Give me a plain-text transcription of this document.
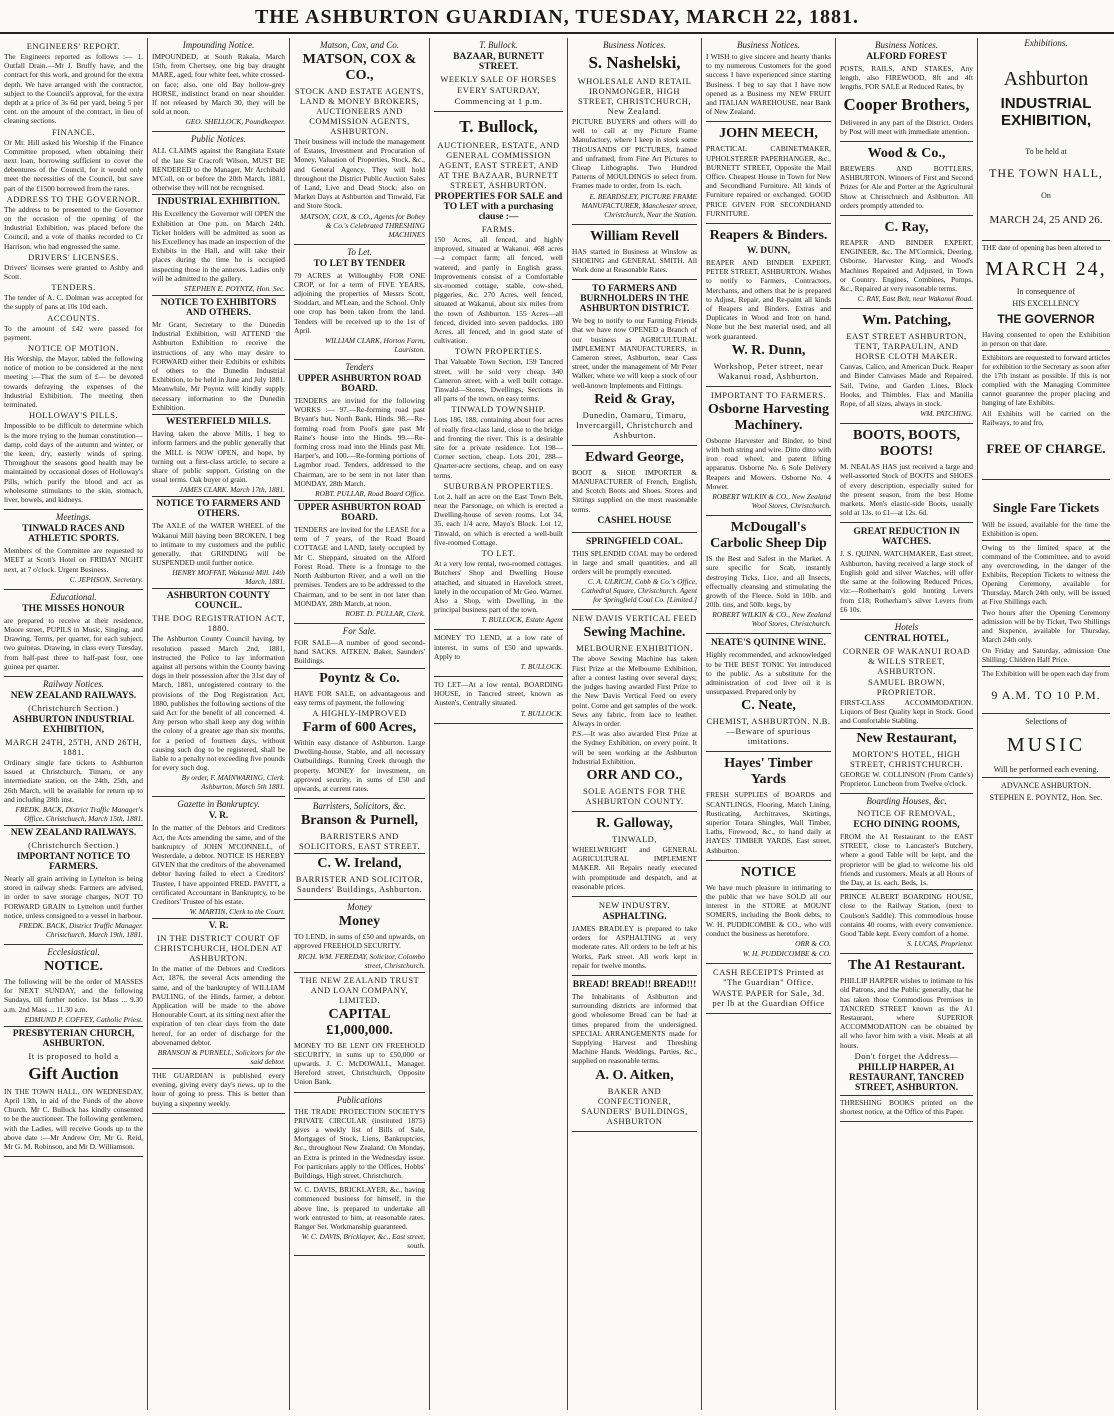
THE ASHBURTON GUARDIAN, TUESDAY, MARCH 22, 1881.
ENGINEERS' REPORT.
The Engineers reported as follows :— 1. Outfall Drain.—Mr J. Bruffy have, and the contract for this work, and ground for the extra depth. We have arranged with the contractor, subject to the Council's approval, for the extra depth at a price of 3s 6d per yard, being 5 per cent. on the amount of the contract, in lieu of cleaning sections.
FINANCE.
Or Mr. Hill asked his Worship if the Finance Committee proposed, when obtaining their next loan, borrowing sufficient to cover the debentures of the Council, for it would only meet the necessities of the Council, but save part of the £1500 borrowed from the rates.
ADDRESS TO THE GOVERNOR.
The address to be presented to the Governor on the occasion of the opening of the Industrial Exhibition, was placed before the Council, and a vote of thanks recorded to Cr Harrison, who had engrossed the same.
DRIVERS' LICENSES.
Drivers' licenses were granted to Ashby and Scott.
TENDERS.
The tender of A. C. Dolman was accepted for the supply of pans at 10s 10d each.
ACCOUNTS.
To the amount of £42 were passed for payment.
NOTICE OF MOTION.
His Worship, the Mayor, tabled the following notice of motion to be considered at the next meeting :—That the sum of £— be devoted towards defraying the expenses of the Industrial Exhibition. The meeting then terminated.
HOLLOWAY'S PILLS.
Impossible to be difficult to determine which is the more trying to the human constitution—damp, cold days of the autumn and winter, or the keen, dry, easterly winds of spring. Throughout the seasons good health may be maintained by occasional doses of Holloway's Pills, which purify the blood and act as wholesome stimulants to the skin, stomach, liver, bowels, and kidneys.
Meetings.
TINWALD RACES AND ATHLETIC SPORTS.
Members of the Committee are requested to MEET at Scott's Hotel on FRIDAY NIGHT next, at 7 o'clock. Urgent Business.
C. JEPHSON, Secretary.
Educational.
THE MISSES HONOUR
are prepared to receive at their residence, Moore street, PUPILS in Music, Singing, and Drawing. Terms, per quarter, for each subject, two guineas. Drawing, in class every Tuesday, from half-past three to half-past four, one guinea per quarter.
Railway Notices.
NEW ZEALAND RAILWAYS.
(Christchurch Section.)
ASHBURTON INDUSTRIAL EXHIBITION,
MARCH 24TH, 25TH, AND 26TH, 1881.
Ordinary single fare tickets to Ashburton issued at Christchurch, Timaru, or any intermediate station, on the 24th, 25th, and 26th March, will be available for return up to and including 28th inst.
FREDK. BACK, District Traffic Manager's Office, Christchurch, March 15th, 1881.
NEW ZEALAND RAILWAYS.
(Christchurch Section.)
IMPORTANT NOTICE TO FARMERS.
Nearly all grain arriving in Lyttelton is being stored in railway sheds. Farmers are advised, in order to save storage charges, NOT TO FORWARD GRAIN to Lyttelton until further notice, unless consigned to a vessel in harbour.
FREDK. BACK, District Traffic Manager. Christchurch, March 19th, 1881.
Ecclesiastical.
NOTICE.
The following will be the order of MASSES for NEXT SUNDAY, and the following Sundays, till further notice. 1st Mass ... 9.30 a.m. 2nd Mass ... 11.30 a.m.
EDMUND P. COFFEY, Catholic Priest.
PRESBYTERIAN CHURCH, ASHBURTON.
It is proposed to hold a
Gift Auction
IN THE TOWN HALL, ON WEDNESDAY, April 13th, in aid of the Funds of the above Church. Mr C. Bullock has kindly consented to be the auctioneer. The following gentlemen, with the Ladies, will receive Goods up to the above date :—Mr Andrew Orr, Mr G. Reid, Mr G. M. Robinson, and Mr D. Williamson.
Impounding Notice.
IMPOUNDED, at South Rakaia, March 15th, from Chertsey, one big bay draught MARE, aged, four white feet, white crossed-on face; also, one old Bay hollow-grey HORSE, indistinct brand on near shoulder. If not released by March 30, they will be sold at noon.
GEO. SHELLOCK, Poundkeeper.
Public Notices.
ALL CLAIMS against the Rangitata Estate of the late Sir Cracroft Wilson, MUST BE RENDERED to the Manager, Mr Archibald M'Coll, on or before the 20th March, 1881, otherwise they will not be recognised.
INDUSTRIAL EXHIBITION.
His Excellency the Governor will OPEN the Exhibition at One p.m. on March 24th. Ticket holders will be admitted as soon as his Excellency has made an inspection of the Exhibits in the Hall, and will take their places during the time he is occupied inspecting those in the annexes. Ladies only will be admitted to the gallery.
STEPHEN E. POYNTZ, Hon. Sec.
NOTICE TO EXHIBITORS AND OTHERS.
Mr Grant, Secretary to the Dunedin Industrial Exhibition, will ATTEND the Ashburton Exhibition to receive the instructions of any who may desire to FORWARD either their Exhibits or exhibits of others to the Dunedin Industrial Exhibition, to be held in June and July 1881. Meanwhile, Mr Poyntz will kindly supply necessary information to the Dunedin Exhibition.
WESTERFIELD MILLS.
Having taken the above Mills, I beg to inform farmers and the public generally that the MILL is NOW OPEN, and hope, by turning out a first-class article, to secure a share of public support. Gristing on the usual terms. Oak buyer of grain.
JAMES CLARK. March 17th, 1881.
NOTICE TO FARMERS AND OTHERS.
The AXLE of the WATER WHEEL of the Wakanui Mill having been BROKEN, I beg to intimate to my customers and the public generally, that GRINDING will be SUSPENDED until further notice.
HENRY MOFFAT, Wakanui Mill. 14th March, 1881.
ASHBURTON COUNTY COUNCIL.
THE DOG REGISTRATION ACT, 1880.
The Ashburton County Council having, by resolution passed March 2nd, 1881, instructed the Police to lay information against all persons within the County having dogs in their possession after the 31st day of March, 1881, unregistered contrary to the provisions of the Dog Registration Act, 1880, publishes the following sections of the said Act for the benefit of all concerned. 4. Any person who shall keep any dog within the colony of a greater age than six months, for a period of fourteen days, without causing such dog to be registered, shall be liable to a penalty not exceeding five pounds for every such dog.
By order, F. MAINWARING, Clerk. Ashburton, March 5th 1881.
Gazette in Bankruptcy.
V. R.
In the matter of the Debtors and Creditors Act, the Acts amending the same, and of the bankruptcy of JOHN M'CONNELL, of Westerdale, a debtor. NOTICE IS HEREBY GIVEN that the creditors of the abovenamed debtor having failed to elect a Creditors' Trustee, I have appointed FRED. PAVITT, a certificated Accountant in Bankruptcy, to be Creditors' Trustee of his estate.
W. MARTIN, Clerk to the Court.
V. R.
IN THE DISTRICT COURT OF CHRISTCHURCH, HOLDEN AT ASHBURTON.
In the matter of the Debtors and Creditors Act, 1876, the several Acts amending the same, and of the bankruptcy of WILLIAM PAULING, of the Hinds, farmer, a debtor. Application will be made to the above Honourable Court, at its sitting next after the expiration of ten clear days from the date hereof, for an order of discharge for the abovenamed debtor.
BRANSON & PURNELL, Solicitors for the said debtor.
THE GUARDIAN is published every evening, giving every day's news, up to the hour of going to press. This is better than buying a sixpenny weekly.
Matson, Cox, and Co.
MATSON, COX & CO.,
STOCK AND ESTATE AGENTS, LAND & MONEY BROKERS, AUCTIONEERS AND COMMISSION AGENTS, ASHBURTON.
Their business will include the management of Estates, Investment and Procuration of Money, Valuation of Properties, Stock, &c., and General Agency. They will hold throughout the District Public Auction Sales of Land, Live and Dead Stock; also on Market Days at Ashburton and Tinwald, Fat and Store Stock.
MATSON, COX, & CO., Agents for Bobey & Co.'s Celebrated THRESHING MACHINES
To Let.
TO LET BY TENDER
79 ACRES at Willoughby FOR ONE CROP, or for a term of FIVE YEARS, adjoining the properties of Messrs Scott, Stoddart, and M'Lean, and the School. Only one crop has been taken from the land. Tenders will be received up to the 1st of April.
WILLIAM CLARK, Horton Farm, Lauriston.
Tenders
UPPER ASHBURTON ROAD BOARD.
TENDERS are invited for the following WORKS :— 97.—Re-forming road past Bryant's hut, North Bank, Hinds. 98.—Re-forming road from Pool's gate past Mr Raine's house into the Hinds. 99.—Re-forming cross road into the Hinds past Mr. Harper's, and 100.—Re-forming portions of Lagmhor road. Tenders, addressed to the Chairman, are to be sent in not later than MONDAY, 28th March.
ROBT. PULLAR, Road Board Office.
UPPER ASHBURTON ROAD BOARD.
TENDERS are invited for the LEASE for a term of 7 years, of the Road Board COTTAGE and LAND, lately occupied by Mr C. Sheppard, situated on the Alford Forest Road. There is a frontage to the North Ashburton River, and a well on the premises. Tenders are to be addressed to the Chairman, and to be sent in not later than MONDAY, 28th March, at noon.
ROBT. D. PULLAR, Clerk.
For Sale.
FOR SALE—A number of good second-hand SACKS. AITKEN, Baker, Saunders' Buildings.
Poyntz & Co.
HAVE FOR SALE, on advantageous and easy terms of payment, the following
A HIGHLY-IMPROVED
Farm of 600 Acres,
Within easy distance of Ashburton. Large Dwelling-house, Stable, and all necessary Outbuildings. Running Creek through the property. MONEY for investment, on approved security, in sums of £50 and upwards, at current rates.
Barristers, Solicitors, &c.
Branson & Purnell,
BARRISTERS AND SOLICITORS, EAST STREET.
C. W. Ireland,
BARRISTER AND SOLICITOR, Saunders' Buildings, Ashburton.
Money
Money
TO LEND, in sums of £50 and upwards, on approved FREEHOLD SECURITY.
RICH. WM. FEREDAY, Solicitor, Colombo street, Christchurch.
THE NEW ZEALAND TRUST AND LOAN COMPANY, LIMITED.
CAPITAL £1,000,000.
MONEY TO BE LENT ON FREEHOLD SECURITY, in sums up to £50,000 or upwards. J. C. McDOWALL, Manager. Hereford street, Christchurch, Opposite Union Bank.
Publications
THE TRADE PROTECTION SOCIETY'S PRIVATE CIRCULAR (instituted 1875) gives a weekly list of Bills of Sale, Mortgages of Stock, Liens, Bankruptcies, &c., throughout New Zealand. On Monday, an Extra is printed in the Wednesday issue. For particulars apply to the Offices, Hobbs' Buildings, High street, Christchurch.
W. C. DAVIS, BRICKLAYER, &c., having commenced business for himself, in the above line, is prepared to undertake all work entrusted to him, at reasonable rates. Ranger Set. Workmanship guaranteed.
W. C. DAVIS, Bricklayer, &c., East street, south.
T. Bullock.
BAZAAR, BURNETT STREET.
WEEKLY SALE OF HORSES
EVERY SATURDAY,
Commencing at 1 p.m.
T. Bullock,
AUCTIONEER, ESTATE, AND GENERAL COMMISSION AGENT, EAST STREET, AND AT THE BAZAAR, BURNETT STREET, ASHBURTON.
PROPERTIES FOR SALE and TO LET with a purchasing clause :—
FARMS.
150 Acres, all fenced, and highly improved, situated at Wakanui. 468 acres—a compact farm; all fenced, well watered, and partly in English grass. Improvements consist of a Comfortable six-roomed cottage, stable, cow-shed, piggeries, &c. 270 Acres, well fenced, situated at Wakanui, about six miles from the town of Ashburton. 155 Acres—all fenced, divided into seven paddocks. 180 Acres, all fenced, and in good state of cultivation.
TOWN PROPERTIES.
That Valuable Town Section, 159 Tancred street, will be sold very cheap. 340 Cameron street, with a well built cottage. Tinwald—Stores, Dwellings, Sections in all parts of the town, on easy terms.
TINWALD TOWNSHIP.
Lots 186, 188, containing about four acres of really first-class land, close to the bridge and fronting the river. This is a desirable site for a private residence. Lot 198—Corner section, cheap. Lots 201, 288—Quarter-acre sections, cheap, and on easy terms.
SUBURBAN PROPERTIES.
Lot 2, half an acre on the East Town Belt, near the Parsonage, on which is erected a Dwelling-house of seven rooms. Lot 34, 35, each 1/4 acre, Mayo's Block. Lot 12, Tinwald, on which is erected a well-built five-roomed Cottage.
TO LET.
At a very low rental, two-roomed cottages. Butchers' Shop and Dwelling House attached, and situated in Havelock street, lately in the occupation of Mr Geo. Warner. Also a Shop, with Dwelling, in the principal business part of the town.
T. BULLOCK, Estate Agent
MONEY TO LEND, at a low rate of interest, in sums of £50 and upwards. Apply to
T. BULLOCK.
TO LET—At a low rental, BOARDING HOUSE, in Tancred street, known as Austen's, Centrally situated.
T. BULLOCK.
Business Notices.
S. Nashelski,
WHOLESALE AND RETAIL IRONMONGER, HIGH STREET, CHRISTCHURCH, New Zealand.
PICTURE BUYERS and others will do well to call at my Picture Frame Manufactory, where I keep in stock some THOUSANDS OF PICTURES, framed and unframed, from Fine Art Pictures to Cheap Lithographs. Two Hundred Patterns of MOULDINGS to select from. Frames made to order, from 1s. each.
E. BEARDSLEY, PICTURE FRAME MANUFACTURER, Manchester street, Christchurch, Near the Station.
William Revell
HAS started in Business at Winslow as SHOEING and GENERAL SMITH. All Work done at Reasonable Rates.
TO FARMERS AND BURNHOLDERS IN THE ASHBURTON DISTRICT.
We beg to notify to our Farming Friends that we have now OPENED a Branch of our business as AGRICULTURAL IMPLEMENT MANUFACTURERS, in Cameron street, Ashburton, near Cass street, under the management of Mr Peter Walker, where we will keep a stock of our well-known Implements and Fittings.
Reid & Gray,
Dunedin, Oamaru, Timaru, Invercargill, Christchurch and Ashburton.
Edward George,
BOOT & SHOE IMPORTER & MANUFACTURER of French, English, and Scotch Boots and Shoes. Stores and Sittings supplied on the most reasonable terms.
CASHEL HOUSE
SPRINGFIELD COAL.
THIS SPLENDID COAL may be ordered in large and small quantities, and all orders will be promptly executed.
C. A. ULRICH, Cobb & Co.'s Office, Cathedral Square, Christchurch. Agent for Springfield Coal Co. [Limited.]
NEW DAVIS VERTICAL FEED
Sewing Machine.
MELBOURNE EXHIBITION.
The above Sewing Machine has taken First Prize at the Melbourne Exhibition, after a contest lasting over several days; the judges having awarded First Prize to the New Davis Vertical Feed on every point. Come and get samples of the work. Sews any fabric, from lace to leather. Always in order.
P.S.—It was also awarded First Prize at the Sydney Exhibition, on every point. It will be seen working at the Ashburton Industrial Exhibition.
ORR AND CO.,
SOLE AGENTS FOR THE ASHBURTON COUNTY.
R. Galloway,
TINWALD,
WHEELWRIGHT and GENERAL AGRICULTURAL IMPLEMENT MAKER. All Repairs neatly executed with promptitude and despatch, and at reasonable prices.
NEW INDUSTRY.
ASPHALTING.
JAMES BRADLEY is prepared to take orders for ASPHALTING at very moderate rates. All orders to be left at his Works, Park street. All work kept in repair for twelve months.
BREAD! BREAD!! BREAD!!!
The Inhabitants of Ashburton and surrounding districts are informed that good wholesome Bread can be had at times prepared from the undersigned. SPECIAL ARRANGEMENTS made for Supplying Harvest and Threshing Machine Hands. Weddings, Parties, &c., supplied on reasonable terms.
A. O. Aitken,
BAKER AND CONFECTIONER, SAUNDERS' BUILDINGS, ASHBURTON
Business Notices.
I WISH to give sincere and hearty thanks to my numerous Customers for the good success I have experienced since starting Business. I beg to say that I have now opened as a Business my NEW FRUIT and ITALIAN WAREHOUSE, near Bank of New Zealand.
JOHN MEECH,
PRACTICAL CABINETMAKER, UPHOLSTERER PAPERHANGER, &c., BURNETT STREET, Opposite the Mail Office. Cheapest House in Town for New and Secondhand Furniture. All kinds of Furniture repaired or exchanged. GOOD PRICE GIVEN FOR SECONDHAND FURNITURE.
Reapers & Binders.
W. DUNN,
REAPER AND BINDER EXPERT, PETER STREET, ASHBURTON. Wishes to notify to Farmers, Contractors, Merchants, and others that he is prepared to Adjust, Repair, and Re-paint all kinds of Reapers and Binders. Extras and Duplicates in Wood and Iron on hand. None but the best material used, and all work guaranteed.
W. R. Dunn,
Workshop, Peter street, near Wakanui road, Ashburton.
IMPORTANT TO FARMERS.
Osborne Harvesting Machinery.
Osborne Harvester and Binder, to bind with both string and wire. Ditto ditto with iron road wheel, and patent lifting apparatus. Osborne No. 6 Sole Delivery Reapers and Mowers. Osborne No. 4 Mower.
ROBERT WILKIN & CO., New Zealand Wool Stores, Christchurch.
McDougall's Carbolic Sheep Dip
IS the Best and Safest in the Market. A sure specific for Scab, instantly destroying Ticks, Lice, and all Insects, effectually cleansing and stimulating the growth of the Fleece. Sold in 10lb. and 20lb. tins, and 50lb. kegs, by
ROBERT WILKIN & CO., New Zealand Wool Stores, Christchurch.
NEATE'S QUININE WINE.
Highly recommended, and acknowledged to be THE BEST TONIC Yet introduced to the public. As a substitute for the administration of cod liver oil it is unsurpassed. Prepared only by
C. Neate,
CHEMIST, ASHBURTON. N.B.—Beware of spurious imitations.
Hayes' Timber Yards
FRESH SUPPLIES of BOARDS and SCANTLINGS, Flooring, Match Lining, Rusticating, Architraves, Skirtings, superior Totara Shingles, Wall Timber, Laths, Firewood, &c., to hand daily at HAYES' TIMBER YARDS, East street, Ashburton.
NOTICE
We have much pleasure in intimating to the public that we have SOLD all our interest in the STORE at MOUNT SOMERS, including the Book debts, to W. H. PUDDICOMBE & CO., who will conduct the business as heretofore.
ORR & CO.
W. H. PUDDICOMBE & CO.
CASH RECEIPTS Printed at "The Guardian" Office.
WASTE PAPER for Sale, 3d. per lb at the Guardian Office
Business Notices.
ALFORD FOREST
POSTS, RAILS, AND STAKES, Any length, also FIREWOOD, 8ft and 4ft lengths, FOR SALE at Reduced Rates, by
Cooper Brothers,
Delivered in any part of the District. Orders by Post will meet with immediate attention.
Wood & Co.,
BREWERS AND BOTTLERS, ASHBURTON. Winners of First and Second Prizes for Ale and Porter at the Agricultural Show at Christchurch and Ashburton. All orders promptly attended to.
C. Ray,
REAPER AND BINDER EXPERT, ENGINEER, &c. The M'Cormick, Deering, Osborne, Harvester King, and Wood's Machines Repaired and Adjusted, in Town or Country. Engines, Combines, Pumps, &c., Repaired at very reasonable terms.
C. RAY, East Belt, near Wakanui Road.
Wm. Patching,
EAST STREET ASHBURTON, TENT, TARPAULIN, AND HORSE CLOTH MAKER.
Canvas, Calico, and American Duck. Reaper and Binder Canvases Made and Repaired. Sail, Twine, and Garden Lines, Block Hooks, and Thimbles. Flax and Manilla Rope, of all sizes, always in stock.
WM. PATCHING.
BOOTS, BOOTS, BOOTS!
M. NEALAS HAS just received a large and well-assorted Stock of BOOTS and SHOES of every description, especially suited for the present season, from the best Home markets. Men's elastic-side Boots, usually sold at 13s. to £1—at 12s. 6d.
GREAT REDUCTION IN WATCHES.
J. S. QUINN, WATCHMAKER, East street, Ashburton, having received a large stock of English gold and silver Watches, will offer the same at the following Reduced Prices, viz:—Rotherham's gold hunting Levers from £18; Rotherham's silver Levers from £6 10s.
Hotels
CENTRAL HOTEL,
CORNER OF WAKANUI ROAD & WILLS STREET, ASHBURTON.
SAMUEL BROWN, PROPRIETOR.
FIRST-CLASS ACCOMMODATION. Liquors of Best Quality kept in Stock. Good and Comfortable Stabling.
New Restaurant,
MORTON'S HOTEL, HIGH STREET, CHRISTCHURCH.
GEORGE W. COLLINSON (From Cattle's) Proprietor. Luncheon from Twelve o'clock.
Boarding Houses, &c.
NOTICE OF REMOVAL,
ECHO DINING ROOMS,
FROM the A1 Restaurant to the EAST STREET, close to Lancaster's Butchery, where a good Table will be kept, and the proprietor will be glad to welcome his old friends and customers. Meals at all Hours of the Day, at 1s. each. Beds, 1s.
PRINCE ALBERT BOARDING HOUSE, close to the Railway Station, (next to Coulson's Saddle). This commodious house contains 40 rooms, with every convenience. Good Table kept. Every comfort of a home.
S. LUCAS, Proprietor.
The A1 Restaurant.
PHILLIP HARPER wishes to intimate to his old Patrons, and the Public generally, that he has taken those Commodious Premises in TANCRED STREET known as the A1 Restaurant, where SUPERIOR ACCOMMODATION can be obtained by all who favor him with a visit. Meals at all hours.
Don't forget the Address—
PHILLIP HARPER, A1 RESTAURANT, TANCRED STREET, ASHBURTON.
THRESHING BOOKS printed on the shortest notice, at the Office of this Paper.
Exhibitions.
Ashburton
INDUSTRIAL EXHIBITION,
To be held at
THE TOWN HALL,
On
MARCH 24, 25 AND 26.

THE date of opening has been altered to

MARCH 24,
In consequence of
HIS EXCELLENCY
THE GOVERNOR

Having consented to open the Exhibition in person on that date.

Exhibitors are requested to forward articles for exhibition to the Secretary as soon after the 17th instant as possible. If this is not complied with the Managing Committee cannot guarantee the proper placing and hanging of late Exhibits.

All Exhibits will be carried on the Railways, to and fro,

FREE OF CHARGE.
Single Fare Tickets

Will be issued, available for the time the Exhibition is open.

Owing to the limited space at the command of the Committee, and to avoid any overcrowding, in the danger of the Exhibits, Reception Tickets to witness the Opening Ceremony, available for Thursday, March 24th only, will be issued at Five Shillings each.

Two hours after the Opening Ceremony admission will be by Ticket, Two Shillings and Sixpence, available for Thursday, March 24th only.

On Friday and Saturday, admission One Shilling; Children Half Price.

The Exhibition will be open each day from

9 A.M. TO 10 P.M.
Selections of
MUSIC
Will be performed each evening.
ADVANCE ASHBURTON.
STEPHEN E. POYNTZ, Hon. Sec.
